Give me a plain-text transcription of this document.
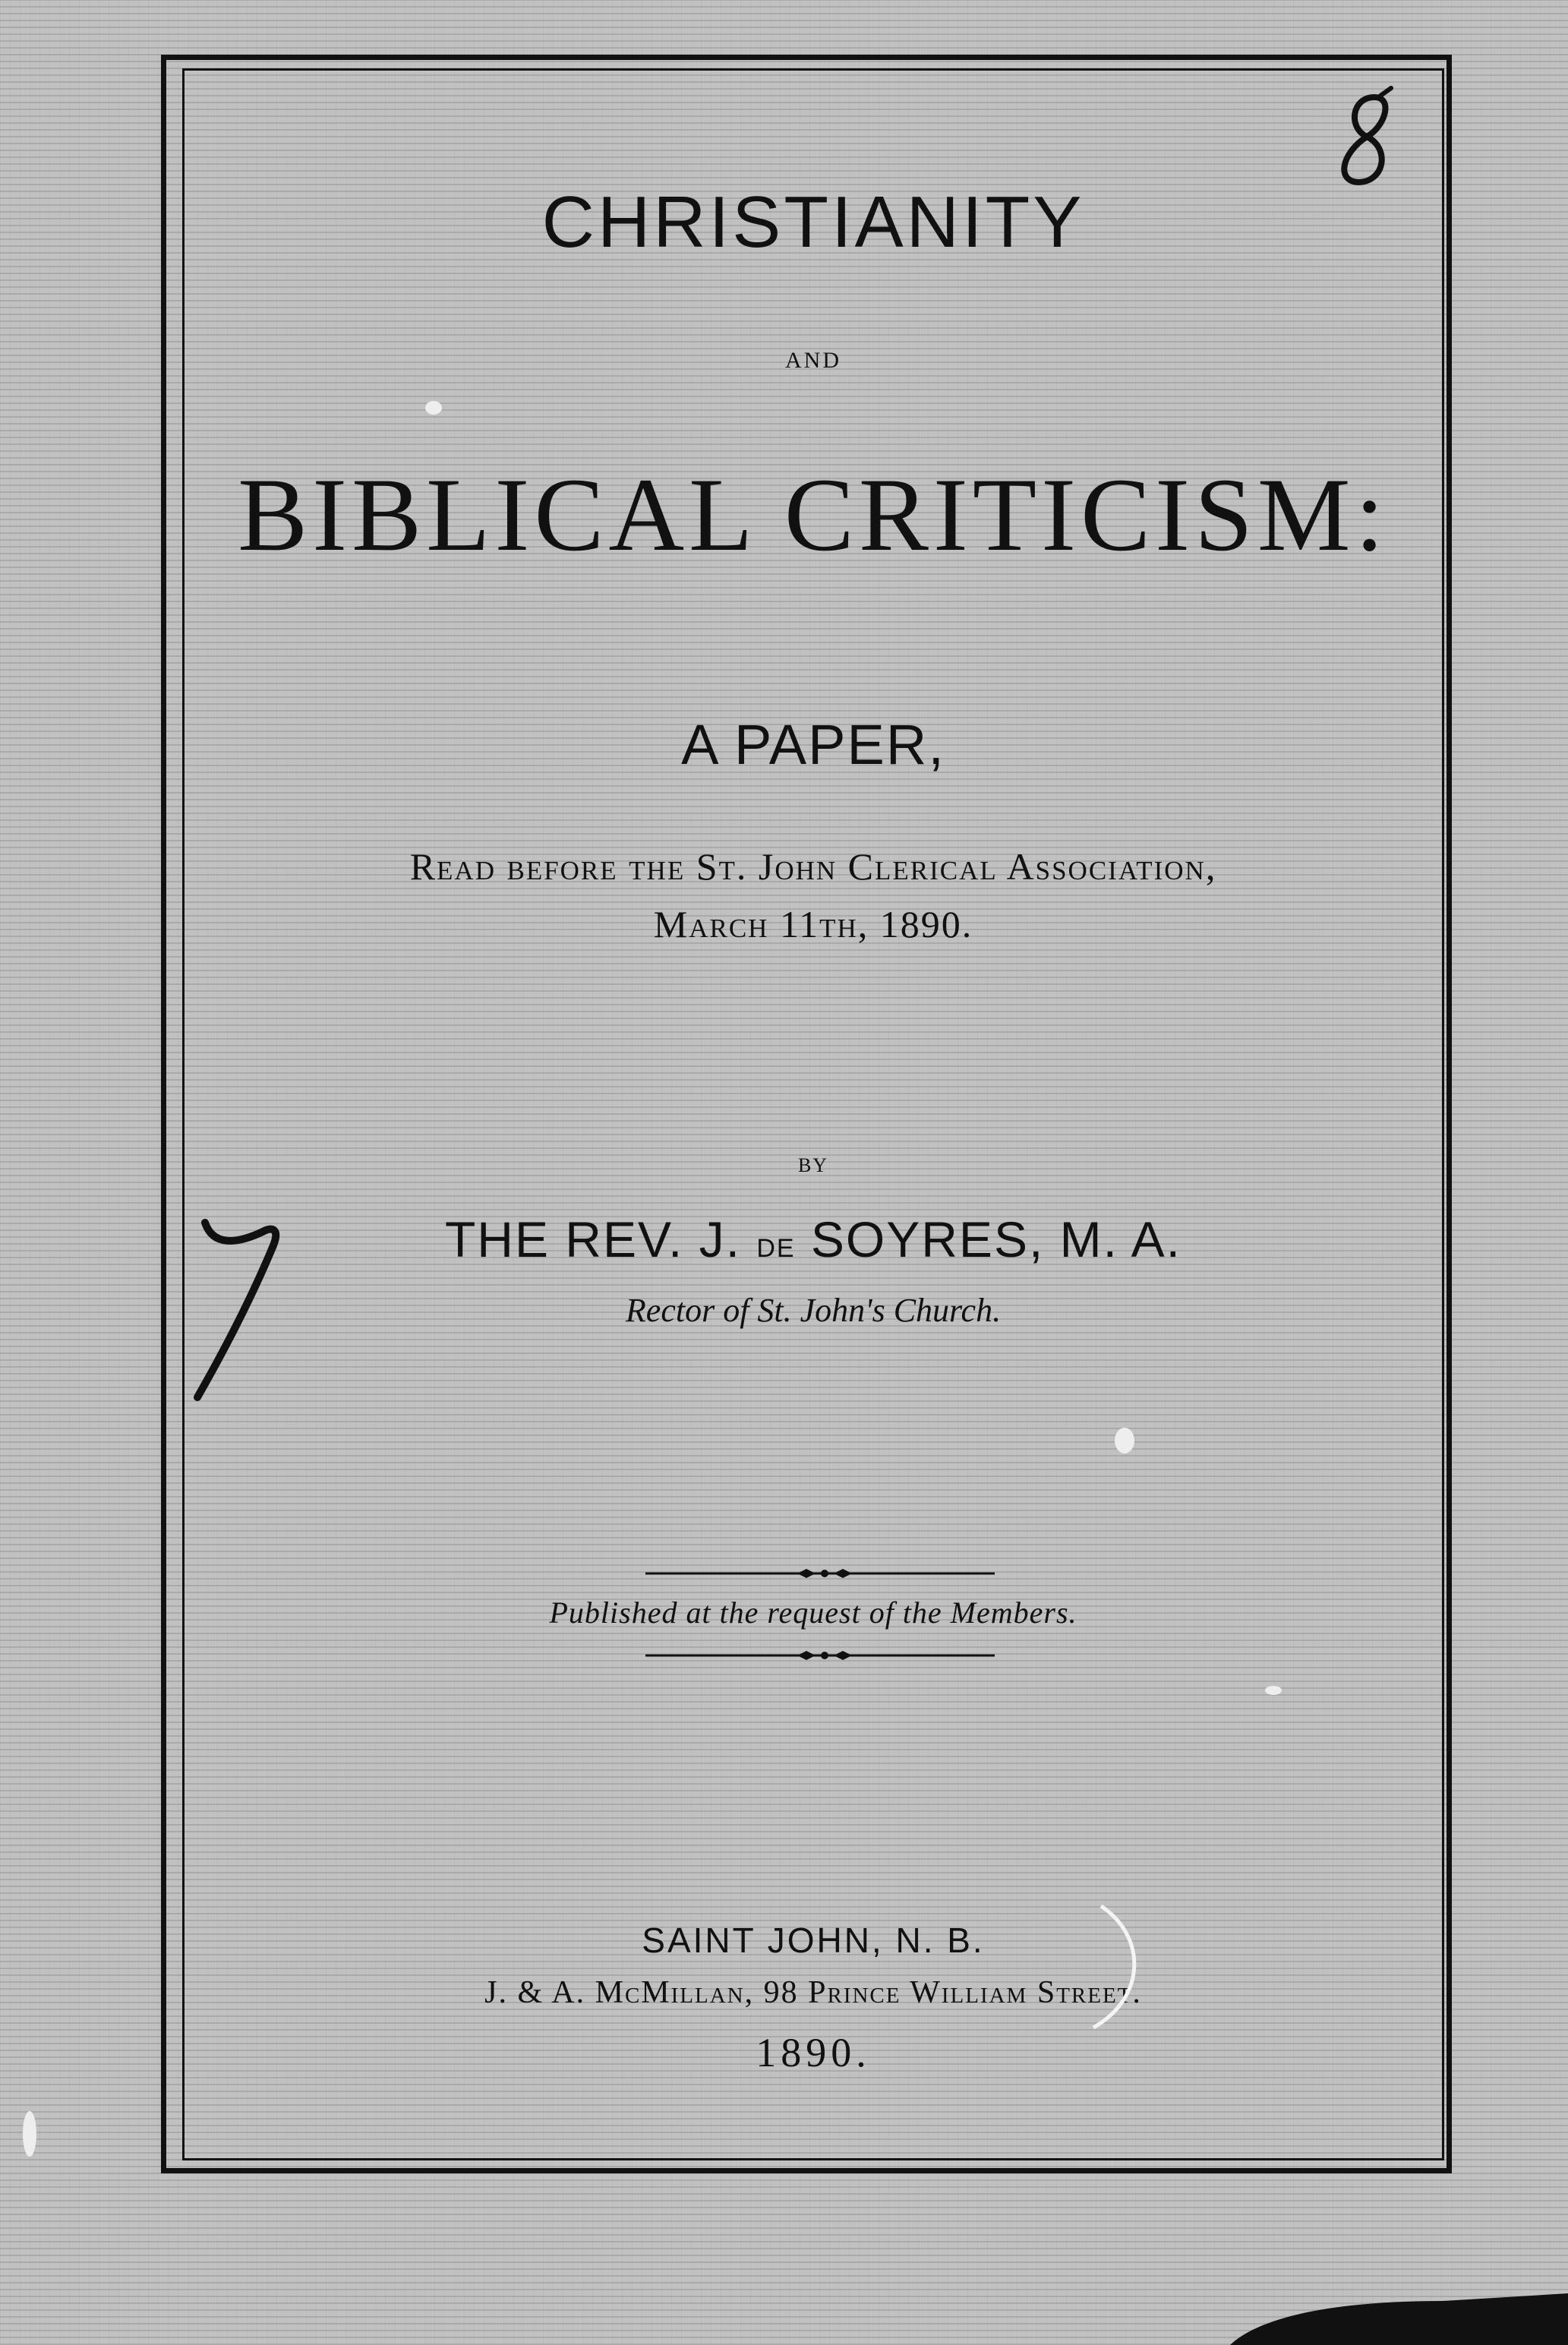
CHRISTIANITY
AND
BIBLICAL CRITICISM:
A PAPER,
Read before the St. John Clerical Association,
March 11th, 1890.
BY
THE REV. J. de SOYRES, M. A.
Rector of St. John's Church.
Published at the request of the Members.
SAINT JOHN, N. B.
J. & A. McMillan, 98 Prince William Street.
1890.
